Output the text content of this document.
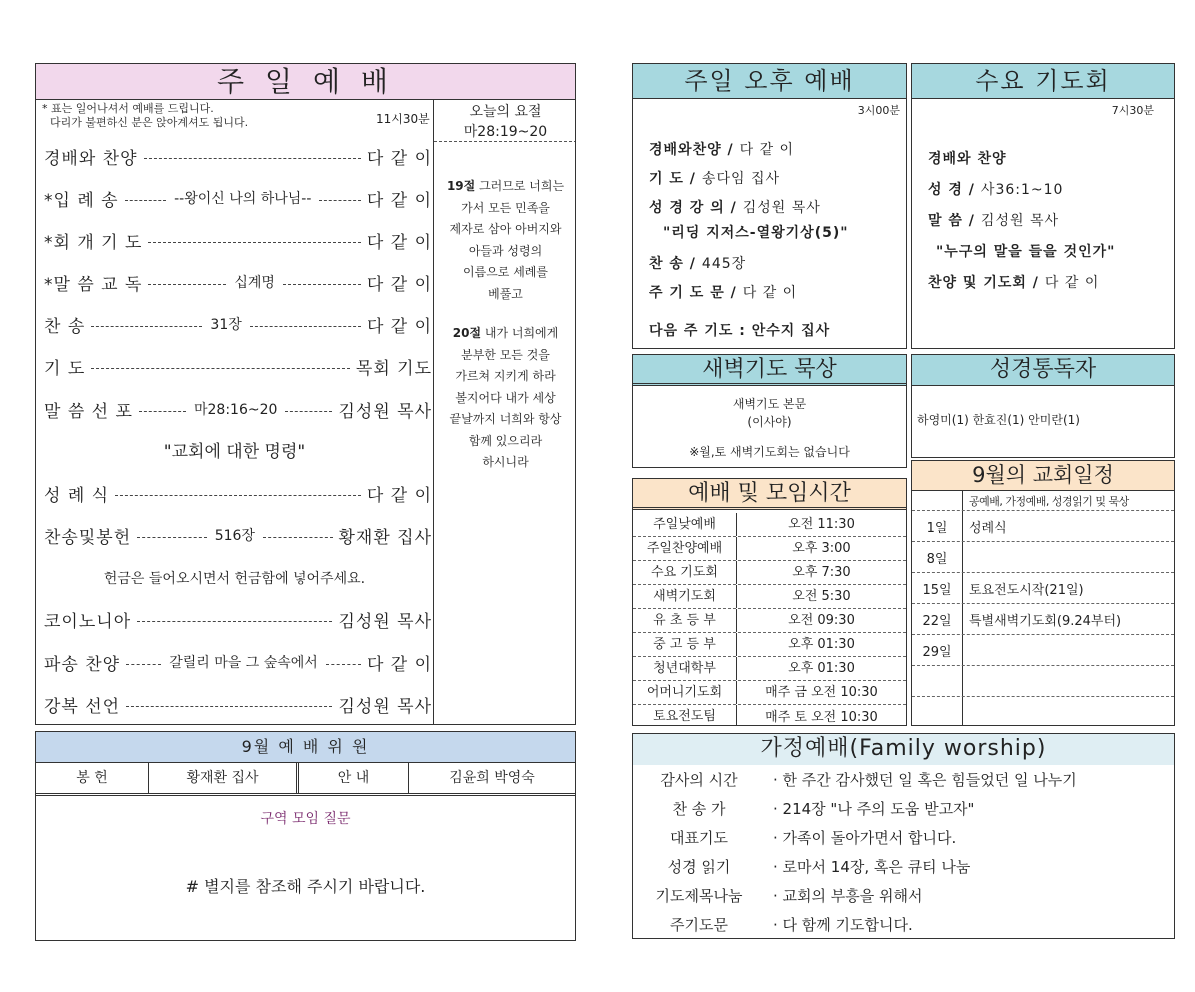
주 일 예 배
* 표는 일어나셔서 예배를 드립니다.
다리가 불편하신 분은 앉아계셔도 됩니다.	11시30분	오늘의 요절
마28:19~20
19절 그러므로 너희는
가서 모든 민족을
제자로 삼아 아버지와
아들과 성령의
이름으로 세례를
베풀고
20절 내가 너희에게
분부한 모든 것을
가르쳐 지키게 하라
볼지어다 내가 세상
끝날까지 너희와 항상
함께 있으리라
하시니라
경배와 찬양	다 같 이
*입 례 송	--왕이신 나의 하나님--	다 같 이
*회 개 기 도	다 같 이
*말 씀 교 독	십계명	다 같 이
찬 송	31장	다 같 이
기 도	목회 기도
말 씀 선 포	마28:16~20	김성원 목사
"교회에 대한 명령"
성 례 식	다 같 이
찬송및봉헌	516장	황재환 집사
헌금은 들어오시면서 헌금함에 넣어주세요.
코이노니아	김성원 목사
파송 찬양	갈릴리 마을 그 숲속에서	다 같 이
강복 선언	김성원 목사
9월 예 배 위 원
봉 헌	황재환 집사	안 내	김윤희 박영숙
구역 모임 질문
# 별지를 참조해 주시기 바랍니다.
주일 오후 예배
3시00분
경배와찬양 / 다 같 이
기 도 / 송다임 집사
성 경 강 의 / 김성원 목사
"리딩 지저스-열왕기상(5)"
찬 송 / 445장
주 기 도 문 / 다 같 이
다음 주 기도 : 안수지 집사
수요 기도회
7시30분
경배와 찬양
성 경 / 사36:1~10
말 씀 / 김성원 목사
"누구의 말을 들을 것인가"
찬양 및 기도회 / 다 같 이
새벽기도 묵상
새벽기도 본문
(이사야)
※월,토 새벽기도회는 없습니다
성경통독자
하영미(1) 한효진(1) 안미란(1)
예배 및 모임시간
주일낮예배	오전 11:30
주일찬양예배	오후 3:00
수요 기도회	오후 7:30
새벽기도회	오전 5:30
유 초 등 부	오전 09:30
중 고 등 부	오후 01:30
청년대학부	오후 01:30
어머니기도회	매주 금 오전 10:30
토요전도팀	매주 토 오전 10:30
9월의 교회일정
공예배, 가정예배, 성경읽기 및 묵상
1일	성례식
8일
15일	토요전도시작(21일)
22일	특별새벽기도회(9.24부터)
29일
가정예배(Family worship)
감사의 시간	· 한 주간 감사했던 일 혹은 힘들었던 일 나누기
찬 송 가	· 214장 "나 주의 도움 받고자"
대표기도	· 가족이 돌아가면서 합니다.
성경 읽기	· 로마서 14장, 혹은 큐티 나눔
기도제목나눔	· 교회의 부흥을 위해서
주기도문	· 다 함께 기도합니다.
